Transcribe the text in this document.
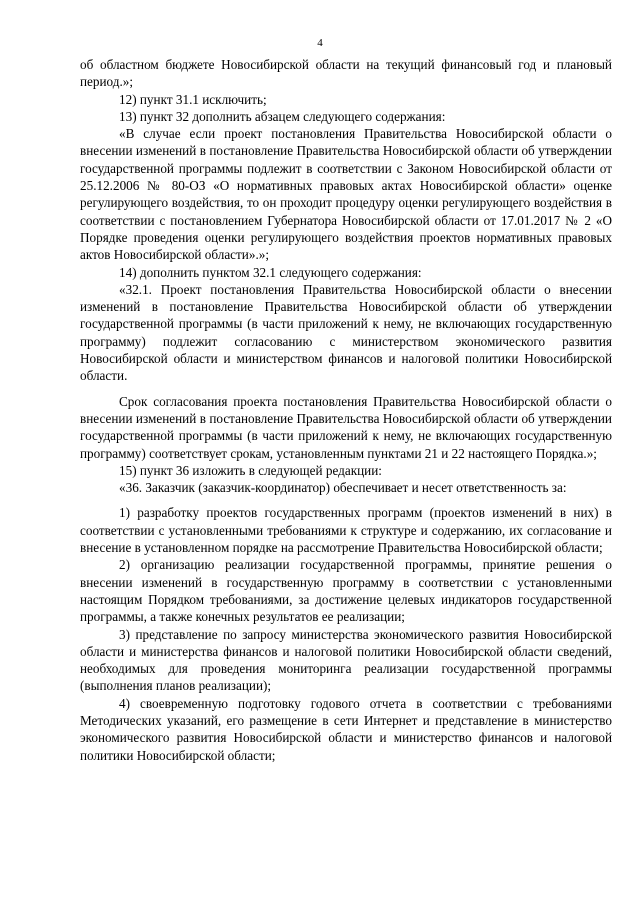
4

об областном бюджете Новосибирской области на текущий финансовый год и плановый период.»;

12) пункт 31.1 исключить;

13) пункт 32 дополнить абзацем следующего содержания:

«В случае если проект постановления Правительства Новосибирской области о внесении изменений в постановление Правительства Новосибирской области об утверждении государственной программы подлежит в соответствии с Законом Новосибирской области от 25.12.2006 № 80-ОЗ «О нормативных правовых актах Новосибирской области» оценке регулирующего воздействия, то он проходит процедуру оценки регулирующего воздействия в соответствии с постановлением Губернатора Новосибирской области от 17.01.2017 № 2 «О Порядке проведения оценки регулирующего воздействия проектов нормативных правовых актов Новосибирской области».»;

14) дополнить пунктом 32.1 следующего содержания:

«32.1. Проект постановления Правительства Новосибирской области о внесении изменений в постановление Правительства Новосибирской области об утверждении государственной программы (в части приложений к нему, не включающих государственную программу) подлежит согласованию с министерством экономического развития Новосибирской области и министерством финансов и налоговой политики Новосибирской области.

Срок согласования проекта постановления Правительства Новосибирской области о внесении изменений в постановление Правительства Новосибирской области об утверждении государственной программы (в части приложений к нему, не включающих государственную программу) соответствует срокам, установленным пунктами 21 и 22 настоящего Порядка.»;

15) пункт 36 изложить в следующей редакции:

«36. Заказчик (заказчик-координатор) обеспечивает и несет ответственность за:

1) разработку проектов государственных программ (проектов изменений в них) в соответствии с установленными требованиями к структуре и содержанию, их согласование и внесение в установленном порядке на рассмотрение Правительства Новосибирской области;

2) организацию реализации государственной программы, принятие решения о внесении изменений в государственную программу в соответствии с установленными настоящим Порядком требованиями, за достижение целевых индикаторов государственной программы, а также конечных результатов ее реализации;

3) представление по запросу министерства экономического развития Новосибирской области и министерства финансов и налоговой политики Новосибирской области сведений, необходимых для проведения мониторинга реализации государственной программы (выполнения планов реализации);

4) своевременную подготовку годового отчета в соответствии с требованиями Методических указаний, его размещение в сети Интернет и представление в министерство экономического развития Новосибирской области и министерство финансов и налоговой политики Новосибирской области;
